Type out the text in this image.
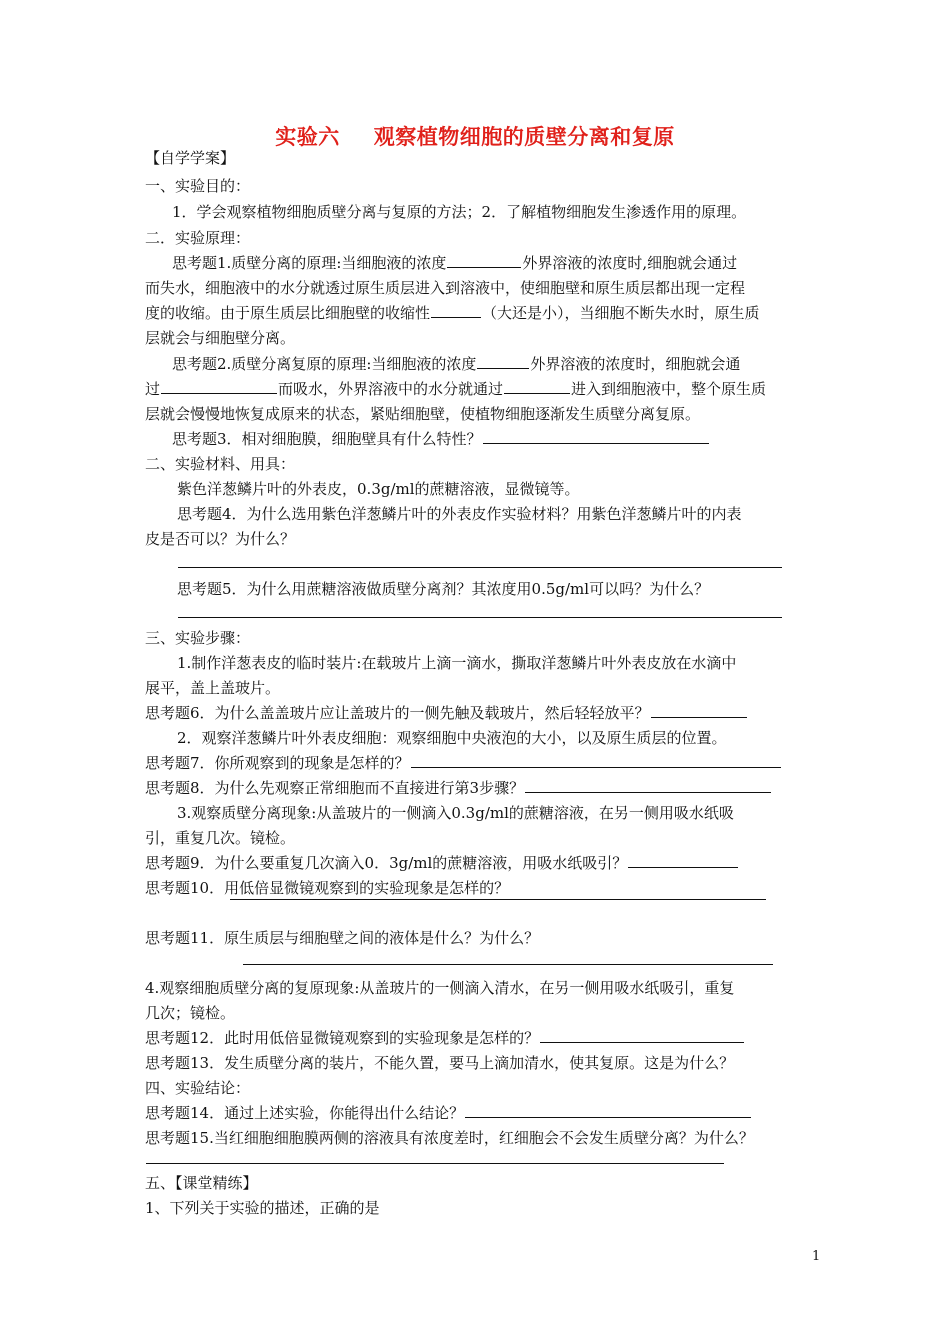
实验六 观察植物细胞的质壁分离和复原
【自学学案】
一、实验目的：
1．学会观察植物细胞质壁分离与复原的方法；2．了解植物细胞发生渗透作用的原理。
二．实验原理：
思考题1.质壁分离的原理:当细胞液的浓度	外界溶液的浓度时,细胞就会通过
而失水，细胞液中的水分就透过原生质层进入到溶液中，使细胞壁和原生质层都出现一定程
度的收缩。由于原生质层比细胞壁的收缩性	（大还是小），当细胞不断失水时，原生质
层就会与细胞壁分离。
思考题2.质壁分离复原的原理:当细胞液的浓度	外界溶液的浓度时，细胞就会通
过	而吸水，外界溶液中的水分就通过	进入到细胞液中，整个原生质
层就会慢慢地恢复成原来的状态，紧贴细胞壁，使植物细胞逐渐发生质壁分离复原。
思考题3．相对细胞膜，细胞壁具有什么特性？
二、实验材料、用具：
紫色洋葱鳞片叶的外表皮，0.3g/ml的蔗糖溶液，显微镜等。
思考题4．为什么选用紫色洋葱鳞片叶的外表皮作实验材料？用紫色洋葱鳞片叶的内表
皮是否可以？为什么？
思考题5．为什么用蔗糖溶液做质壁分离剂？其浓度用0.5g/ml可以吗？为什么？
三、实验步骤：
1.制作洋葱表皮的临时装片:在载玻片上滴一滴水，撕取洋葱鳞片叶外表皮放在水滴中
展平，盖上盖玻片。
思考题6．为什么盖盖玻片应让盖玻片的一侧先触及载玻片，然后轻轻放平？
2．观察洋葱鳞片叶外表皮细胞：观察细胞中央液泡的大小，以及原生质层的位置。
思考题7．你所观察到的现象是怎样的？
思考题8．为什么先观察正常细胞而不直接进行第3步骤？
3.观察质壁分离现象:从盖玻片的一侧滴入0.3g/ml的蔗糖溶液，在另一侧用吸水纸吸
引，重复几次。镜检。
思考题9．为什么要重复几次滴入0．3g/ml的蔗糖溶液，用吸水纸吸引？
思考题10．用低倍显微镜观察到的实验现象是怎样的？
思考题11．原生质层与细胞壁之间的液体是什么？为什么？
4.观察细胞质壁分离的复原现象:从盖玻片的一侧滴入清水，在另一侧用吸水纸吸引，重复
几次；镜检。
思考题12．此时用低倍显微镜观察到的实验现象是怎样的？
思考题13．发生质壁分离的装片，不能久置，要马上滴加清水，使其复原。这是为什么？
四、实验结论：
思考题14．通过上述实验，你能得出什么结论？
思考题15.当红细胞细胞膜两侧的溶液具有浓度差时，红细胞会不会发生质壁分离？为什么？
五、【课堂精练】
1、下列关于实验的描述，正确的是
1
